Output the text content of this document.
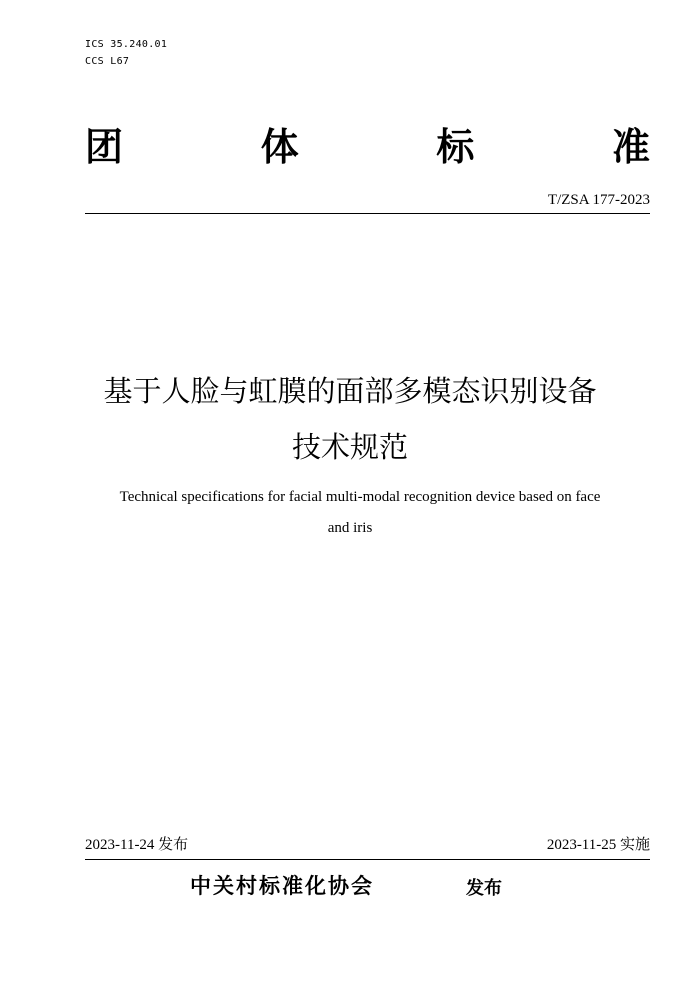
ICS 35.240.01
CCS L67
团	体	标	准
T/ZSA 177-2023
基于人脸与虹膜的面部多模态识别设备
技术规范
Technical specifications for facial multi-modal recognition device based on face
and iris
2023-11-24 发布	2023-11-25 实施
中关村标准化协会	发布
